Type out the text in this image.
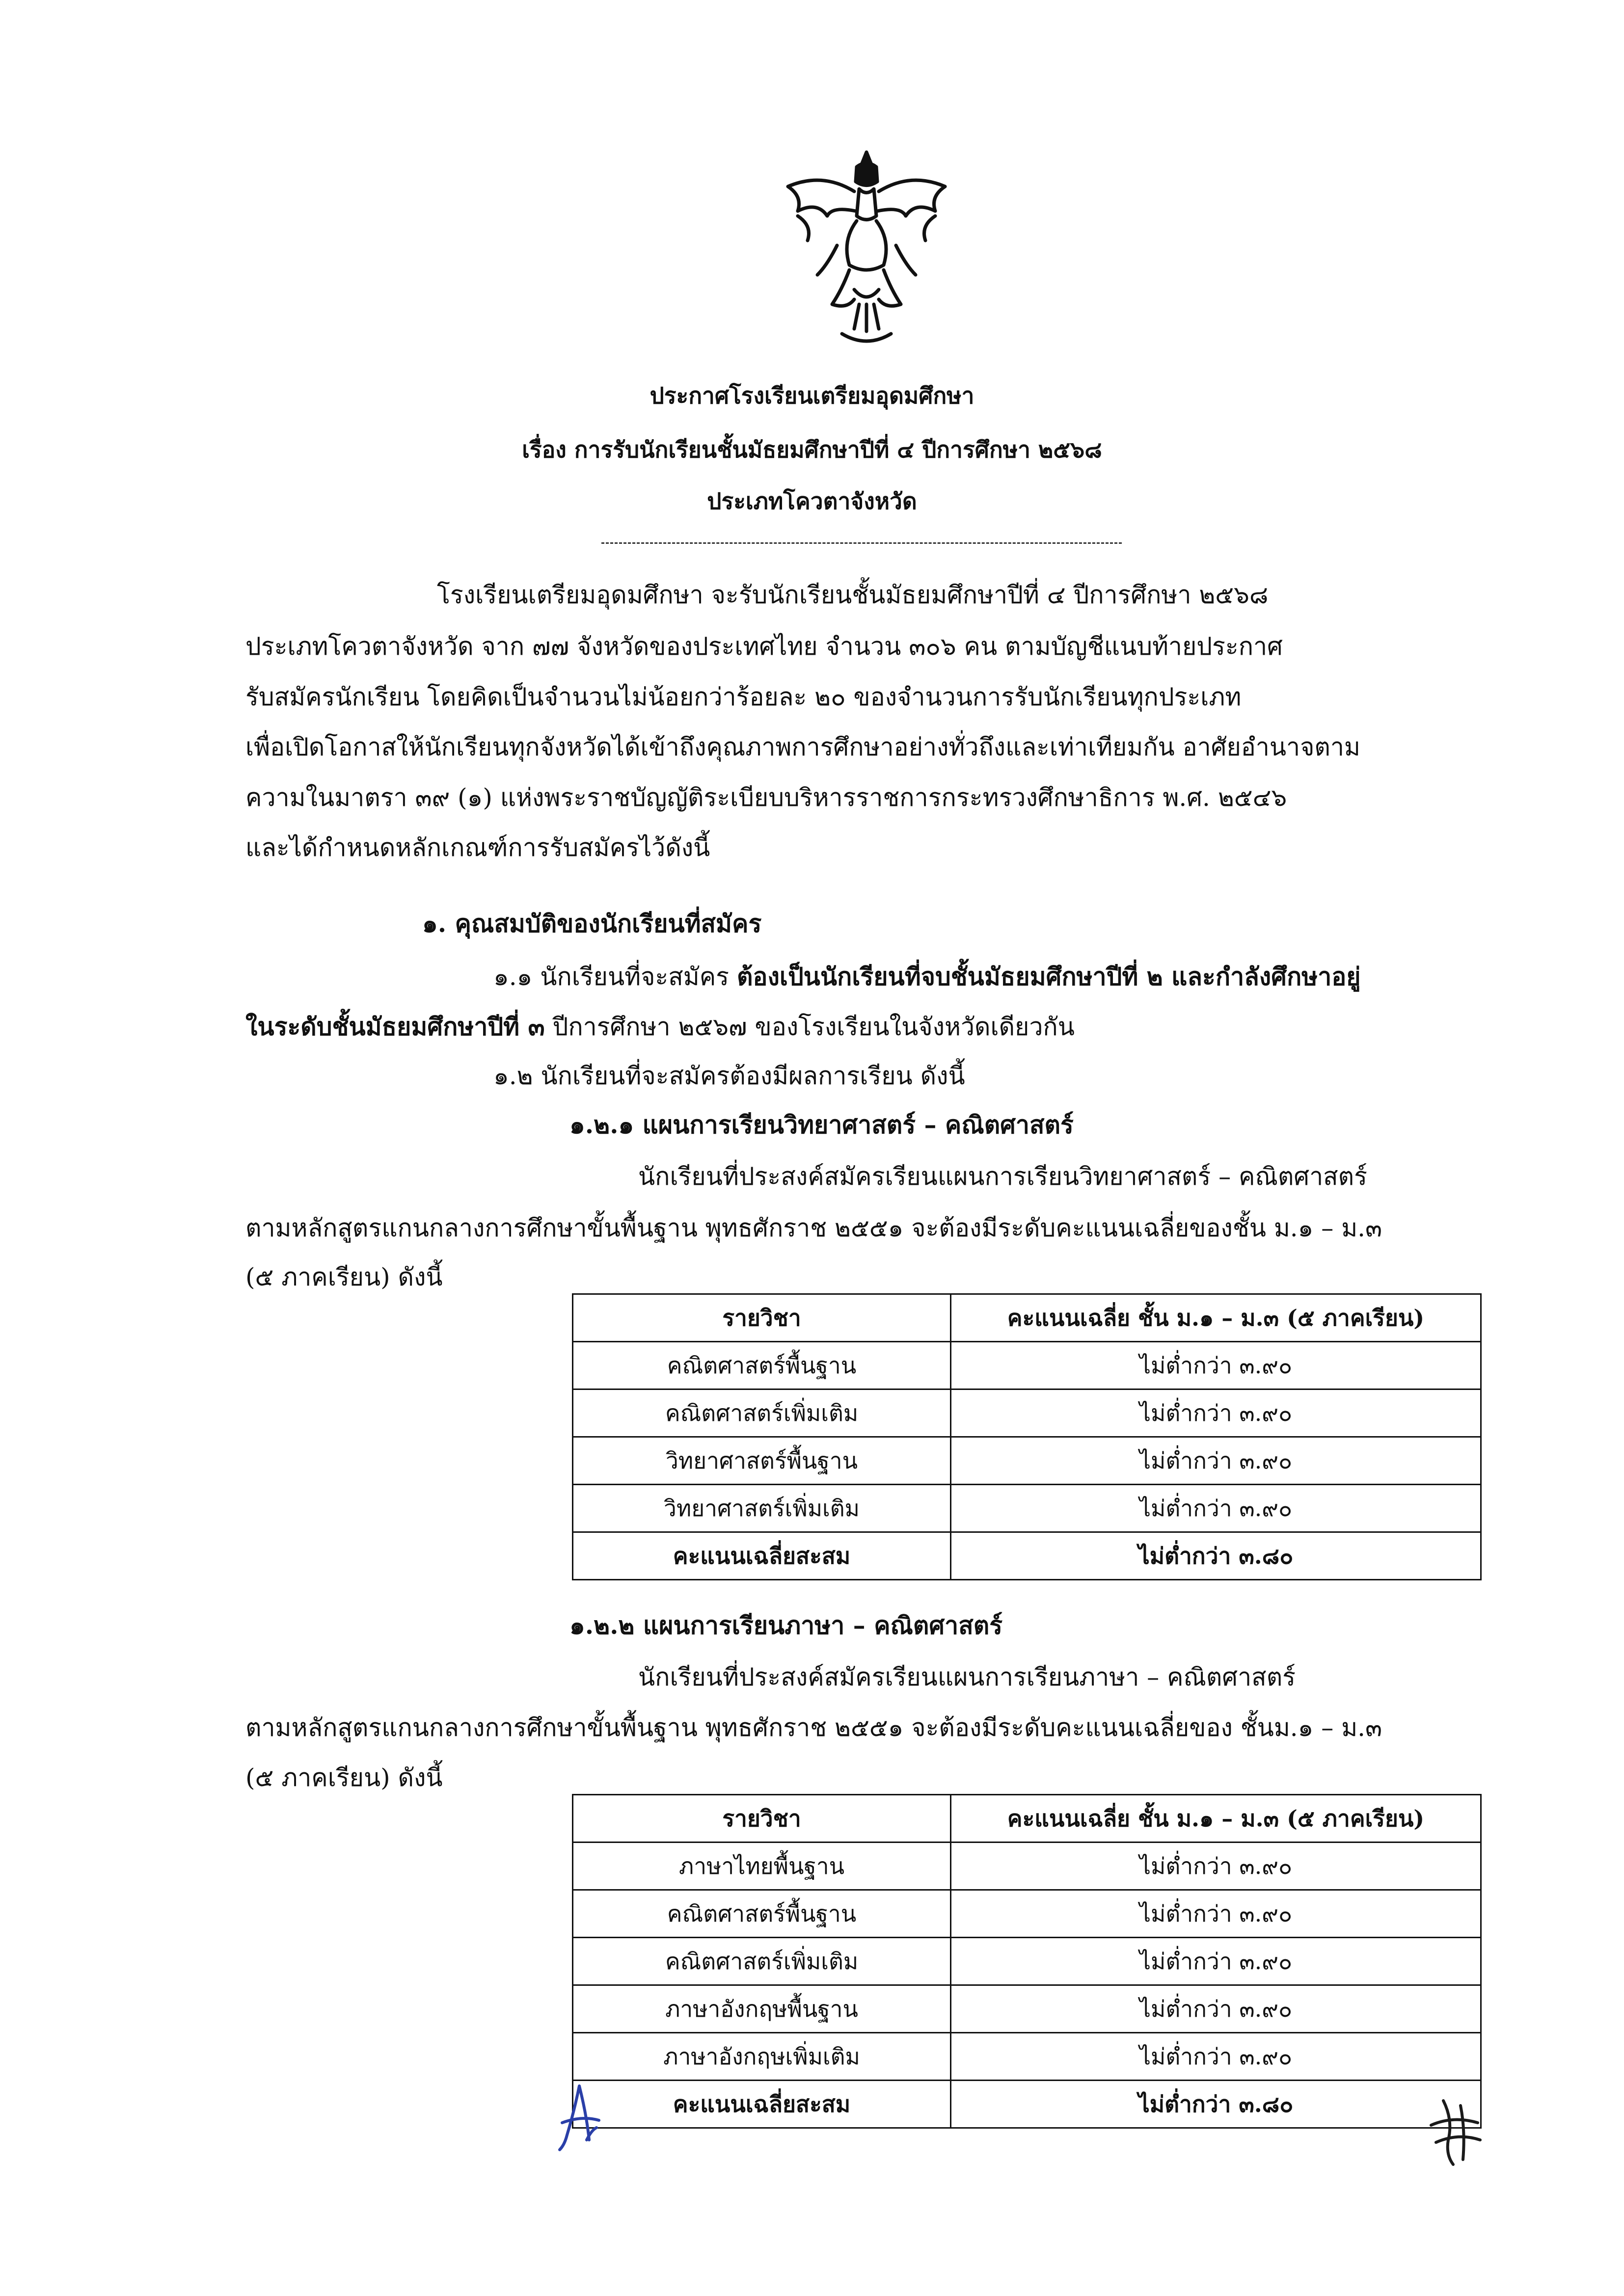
ประกาศโรงเรียนเตรียมอุดมศึกษา
เรื่อง การรับนักเรียนชั้นมัธยมศึกษาปีที่ ๔ ปีการศึกษา ๒๕๖๘
ประเภทโควตาจังหวัด
โรงเรียนเตรียมอุดมศึกษา จะรับนักเรียนชั้นมัธยมศึกษาปีที่ ๔ ปีการศึกษา ๒๕๖๘
ประเภทโควตาจังหวัด จาก ๗๗ จังหวัดของประเทศไทย จำนวน ๓๐๖ คน ตามบัญชีแนบท้ายประกาศ
รับสมัครนักเรียน โดยคิดเป็นจำนวนไม่น้อยกว่าร้อยละ ๒๐ ของจำนวนการรับนักเรียนทุกประเภท
เพื่อเปิดโอกาสให้นักเรียนทุกจังหวัดได้เข้าถึงคุณภาพการศึกษาอย่างทั่วถึงและเท่าเทียมกัน อาศัยอำนาจตาม
ความในมาตรา ๓๙ (๑) แห่งพระราชบัญญัติระเบียบบริหารราชการกระทรวงศึกษาธิการ พ.ศ. ๒๕๔๖
และได้กำหนดหลักเกณฑ์การรับสมัครไว้ดังนี้
๑. คุณสมบัติของนักเรียนที่สมัคร
๑.๑ นักเรียนที่จะสมัคร ต้องเป็นนักเรียนที่จบชั้นมัธยมศึกษาปีที่ ๒ และกำลังศึกษาอยู่
ในระดับชั้นมัธยมศึกษาปีที่ ๓ ปีการศึกษา ๒๕๖๗ ของโรงเรียนในจังหวัดเดียวกัน
๑.๒ นักเรียนที่จะสมัครต้องมีผลการเรียน ดังนี้
๑.๒.๑ แผนการเรียนวิทยาศาสตร์ – คณิตศาสตร์
นักเรียนที่ประสงค์สมัครเรียนแผนการเรียนวิทยาศาสตร์ – คณิตศาสตร์
ตามหลักสูตรแกนกลางการศึกษาขั้นพื้นฐาน พุทธศักราช ๒๕๕๑ จะต้องมีระดับคะแนนเฉลี่ยของชั้น ม.๑ – ม.๓
(๕ ภาคเรียน) ดังนี้
รายวิชา	คะแนนเฉลี่ย ชั้น ม.๑ – ม.๓ (๕ ภาคเรียน)
คณิตศาสตร์พื้นฐาน	ไม่ต่ำกว่า ๓.๙๐
คณิตศาสตร์เพิ่มเติม	ไม่ต่ำกว่า ๓.๙๐
วิทยาศาสตร์พื้นฐาน	ไม่ต่ำกว่า ๓.๙๐
วิทยาศาสตร์เพิ่มเติม	ไม่ต่ำกว่า ๓.๙๐
คะแนนเฉลี่ยสะสม	ไม่ต่ำกว่า ๓.๘๐
๑.๒.๒ แผนการเรียนภาษา – คณิตศาสตร์
นักเรียนที่ประสงค์สมัครเรียนแผนการเรียนภาษา – คณิตศาสตร์
ตามหลักสูตรแกนกลางการศึกษาขั้นพื้นฐาน พุทธศักราช ๒๕๕๑ จะต้องมีระดับคะแนนเฉลี่ยของ ชั้นม.๑ – ม.๓
(๕ ภาคเรียน) ดังนี้
รายวิชา	คะแนนเฉลี่ย ชั้น ม.๑ – ม.๓ (๕ ภาคเรียน)
ภาษาไทยพื้นฐาน	ไม่ต่ำกว่า ๓.๙๐
คณิตศาสตร์พื้นฐาน	ไม่ต่ำกว่า ๓.๙๐
คณิตศาสตร์เพิ่มเติม	ไม่ต่ำกว่า ๓.๙๐
ภาษาอังกฤษพื้นฐาน	ไม่ต่ำกว่า ๓.๙๐
ภาษาอังกฤษเพิ่มเติม	ไม่ต่ำกว่า ๓.๙๐
คะแนนเฉลี่ยสะสม	ไม่ต่ำกว่า ๓.๘๐
